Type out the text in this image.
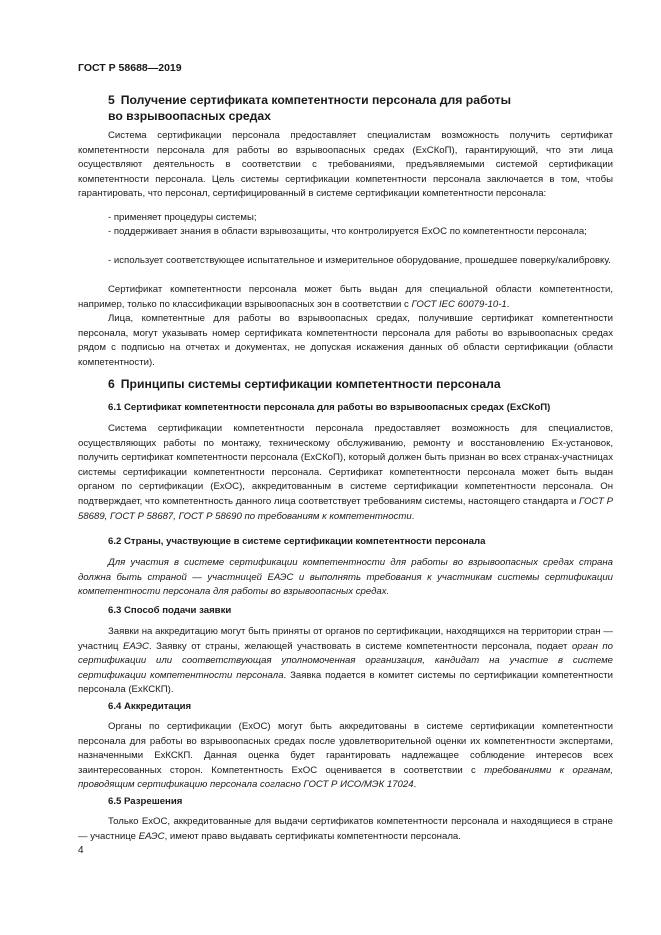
ГОСТ Р 58688—2019
5 Получение сертификата компетентности персонала для работы
во взрывоопасных средах
Система сертификации персонала предоставляет специалистам возможность получить сертификат компетентности персонала для работы во взрывоопасных средах (ExCКоП), гарантирующий, что эти лица осуществляют деятельность в соответствии с требованиями, предъявляемыми системой сертификации компетентности персонала. Цель системы сертификации компетентности персонала заключается в том, чтобы гарантировать, что персонал, сертифицированный в системе сертификации компетентности персонала:
- применяет процедуры системы;
- поддерживает знания в области взрывозащиты, что контролируется ExOC по компетентности персонала;
- использует соответствующее испытательное и измерительное оборудование, прошедшее поверку/калибровку.
Сертификат компетентности персонала может быть выдан для специальной области компетентности, например, только по классификации взрывоопасных зон в соответствии с ГОСТ IEC 60079-10-1.
Лица, компетентные для работы во взрывоопасных средах, получившие сертификат компетентности персонала, могут указывать номер сертификата компетентности персонала для работы во взрывоопасных средах рядом с подписью на отчетах и документах, не допуская искажения данных об области сертификации (области компетентности).
6 Принципы системы сертификации компетентности персонала
6.1 Сертификат компетентности персонала для работы во взрывоопасных средах (ExCКоП)
Система сертификации компетентности персонала предоставляет возможность для специалистов, осуществляющих работы по монтажу, техническому обслуживанию, ремонту и восстановлению Ex-установок, получить сертификат компетентности персонала (ExCКоП), который должен быть признан во всех странах-участницах системы сертификации компетентности персонала. Сертификат компетентности персонала может быть выдан органом по сертификации (ExOC), аккредитованным в системе сертификации компетентности персонала. Он подтверждает, что компетентность данного лица соответствует требованиям системы, настоящего стандарта и ГОСТ Р 58689, ГОСТ Р 58687, ГОСТ Р 58690 по требованиям к компетентности.
6.2 Страны, участвующие в системе сертификации компетентности персонала
Для участия в системе сертификации компетентности для работы во взрывоопасных средах страна должна быть страной — участницей ЕАЭС и выполнять требования к участникам системы сертификации компетентности персонала для работы во взрывоопасных средах.
6.3 Способ подачи заявки
Заявки на аккредитацию могут быть приняты от органов по сертификации, находящихся на территории стран — участниц ЕАЭС. Заявку от страны, желающей участвовать в системе компетентности персонала, подает орган по сертификации или соответствующая уполномоченная организация, кандидат на участие в системе сертификации компетентности персонала. Заявка подается в комитет системы по сертификации компетентности персонала (ExКСКП).
6.4 Аккредитация
Органы по сертификации (ExOC) могут быть аккредитованы в системе сертификации компетентности персонала для работы во взрывоопасных средах после удовлетворительной оценки их компетентности экспертами, назначенными ExКСКП. Данная оценка будет гарантировать надлежащее соблюдение интересов всех заинтересованных сторон. Компетентность ExOC оценивается в соответствии с требованиями к органам, проводящим сертификацию персонала согласно ГОСТ Р ИСО/МЭК 17024.
6.5 Разрешения
Только ExOC, аккредитованные для выдачи сертификатов компетентности персонала и находящиеся в стране — участнице ЕАЭС, имеют право выдавать сертификаты компетентности персонала.
4
